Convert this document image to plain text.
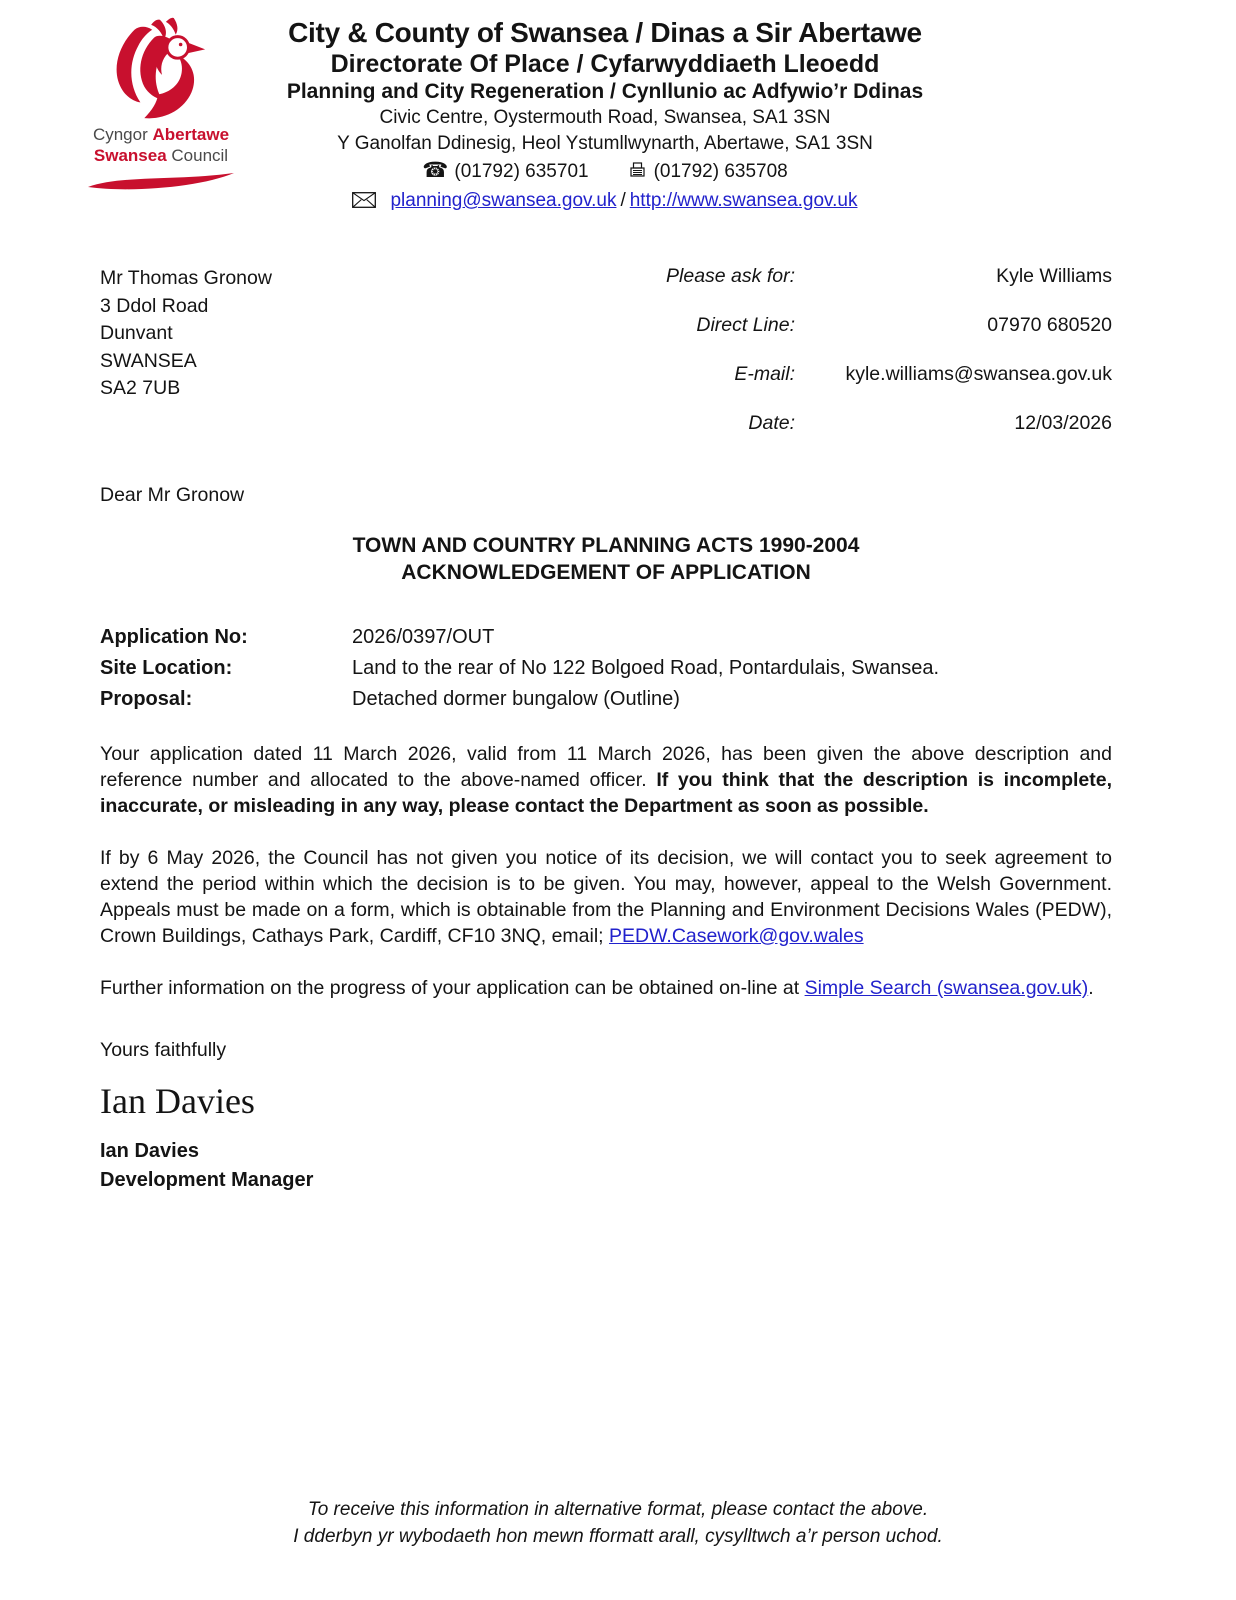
Cyngor Abertawe
Swansea Council
City & County of Swansea / Dinas a Sir Abertawe
Directorate Of Place / Cyfarwyddiaeth Lleoedd
Planning and City Regeneration / Cynllunio ac Adfywio’r Ddinas
Civic Centre, Oystermouth Road, Swansea, SA1 3SN
Y Ganolfan Ddinesig, Heol Ystumllwynarth, Abertawe, SA1 3SN
☎ (01792) 635701	(01792) 635708
planning@swansea.gov.uk / http://www.swansea.gov.uk
Mr Thomas Gronow
3 Ddol Road
Dunvant
SWANSEA
SA2 7UB
Please ask for:	Kyle Williams
Direct Line:	07970 680520
E-mail:	kyle.williams@swansea.gov.uk
Date:	12/03/2026
Dear Mr Gronow
TOWN AND COUNTRY PLANNING ACTS 1990-2004
ACKNOWLEDGEMENT OF APPLICATION
Application No:	2026/0397/OUT
Site Location:	Land to the rear of No 122 Bolgoed Road, Pontardulais, Swansea.
Proposal:	Detached dormer bungalow (Outline)

Your application dated 11 March 2026, valid from 11 March 2026, has been given the above description and reference number and allocated to the above-named officer. If you think that the description is incomplete, inaccurate, or misleading in any way, please contact the Department as soon as possible.

If by 6 May 2026, the Council has not given you notice of its decision, we will contact you to seek agreement to extend the period within which the decision is to be given. You may, however, appeal to the Welsh Government. Appeals must be made on a form, which is obtainable from the Planning and Environment Decisions Wales (PEDW), Crown Buildings, Cathays Park, Cardiff, CF10 3NQ, email; PEDW.Casework@gov.wales

Further information on the progress of your application can be obtained on-line at Simple Search (swansea.gov.uk).

Yours faithfully
Ian Davies
Ian Davies
Development Manager
To receive this information in alternative format, please contact the above.
I dderbyn yr wybodaeth hon mewn fformatt arall, cysylltwch a’r person uchod.
